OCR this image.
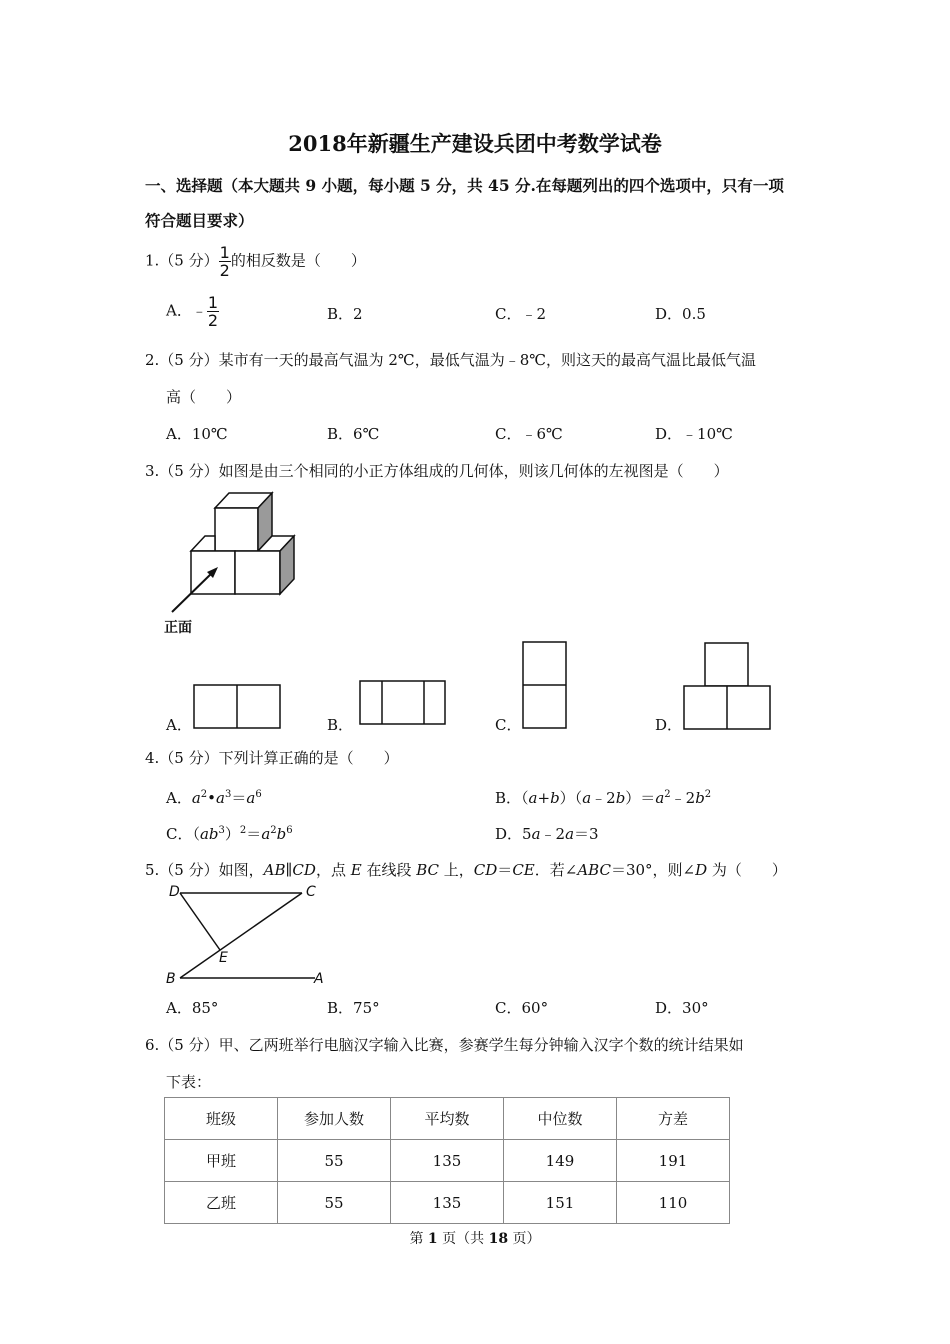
2018年新疆生产建设兵团中考数学试卷
一、选择题（本大题共 9 小题，每小题 5 分，共 45 分.在每题列出的四个选项中，只有一项
符合题目要求）
1.（5 分） $\frac{1}{2}$ 的相反数是（　　）
A．﹣ $\frac{1}{2}$	B．2	C．﹣2	D．0.5
2.（5 分）某市有一天的最高气温为 2℃，最低气温为﹣8℃，则这天的最高气温比最低气温
高（　　）
A．10℃	B．6℃	C．﹣6℃	D．﹣10℃
3.（5 分）如图是由三个相同的小正方体组成的几何体，则该几何体的左视图是（　　）
正面
A．	B．	C．	D．
4.（5 分）下列计算正确的是（　　）
A．$a^2•a^3=a^6$	B．$(a+b)(a﹣2b)=a^2﹣2b^2$
C．$(ab^3)^2=a^2b^6$	D．5a﹣2a＝3
5.（5 分）如图，AB∥CD，点 E 在线段 BC 上，CD＝CE．若∠ABC＝30°，则∠D 为（　　）
D	C
E
B	A
A．85°	B．75°	C．60°	D．30°
6.（5 分）甲、乙两班举行电脑汉字输入比赛，参赛学生每分钟输入汉字个数的统计结果如
下表：
班级	参加人数	平均数	中位数	方差
甲班	55	135	149	191
乙班	55	135	151	110
第 1 页（共 18 页）
